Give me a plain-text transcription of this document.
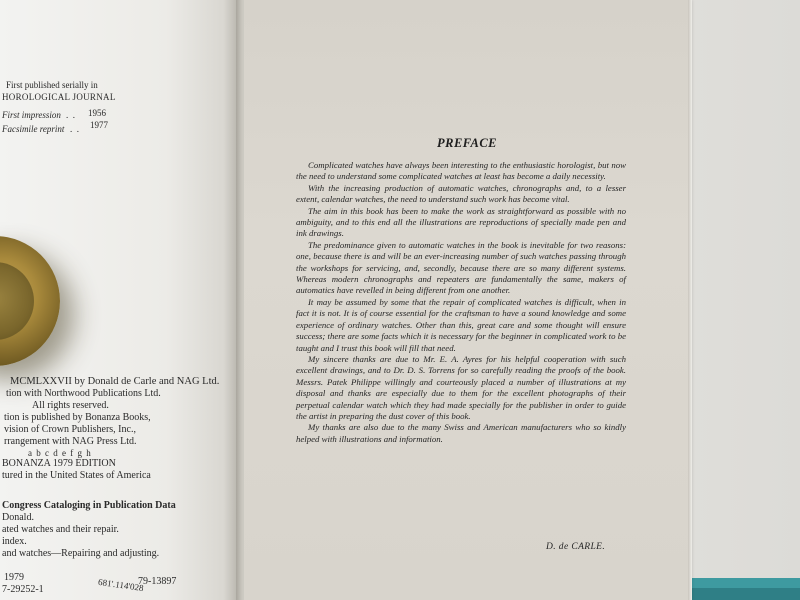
First published serially in
HOROLOGICAL JOURNAL
First impression .  . 1956
Facsimile reprint .  . 1977
MCMLXXVII by Donald de Carle and NAG Ltd.
tion with Northwood Publications Ltd.
All rights reserved.
tion is published by Bonanza Books,
vision of Crown Publishers, Inc.,
rrangement with NAG Press Ltd.
a b c d e f g h
BONANZA 1979 EDITION
tured in the United States of America
Congress Cataloging in Publication Data
Donald.
ated watches and their repair.
index.
and watches—Repairing and adjusting.
1979
7-29252-1	681'.114'028
79-13897
PREFACE

Complicated watches have always been interesting to the enthusiastic horologist, but now the need to understand some complicated watches at least has become a daily necessity.

With the increasing production of automatic watches, chronographs and, to a lesser extent, calendar watches, the need to understand such work has become vital.

The aim in this book has been to make the work as straightforward as possible with no ambiguity, and to this end all the illustrations are reproductions of specially made pen and ink drawings.

The predominance given to automatic watches in the book is inevitable for two reasons: one, because there is and will be an ever-increasing number of such watches passing through the workshops for servicing, and, secondly, because there are so many different systems. Whereas modern chronographs and repeaters are fundamentally the same, makers of automatics have revelled in being different from one another.

It may be assumed by some that the repair of complicated watches is difficult, when in fact it is not. It is of course essential for the craftsman to have a sound knowledge and some experience of ordinary watches. Other than this, great care and some thought will ensure success; there are some facts which it is necessary for the beginner in complicated work to be taught and I trust this book will fill that need.

My sincere thanks are due to Mr. E. A. Ayres for his helpful cooperation with such excellent drawings, and to Dr. D. S. Torrens for so carefully reading the proofs of the book. Messrs. Patek Philippe willingly and courteously placed a number of illustrations at my disposal and thanks are especially due to them for the excellent photographs of their perpetual calendar watch which they had made specially for the publisher in order to guide the artist in preparing the dust cover of this book.

My thanks are also due to the many Swiss and American manufacturers who so kindly helped with illustrations and information.

D. de CARLE.
